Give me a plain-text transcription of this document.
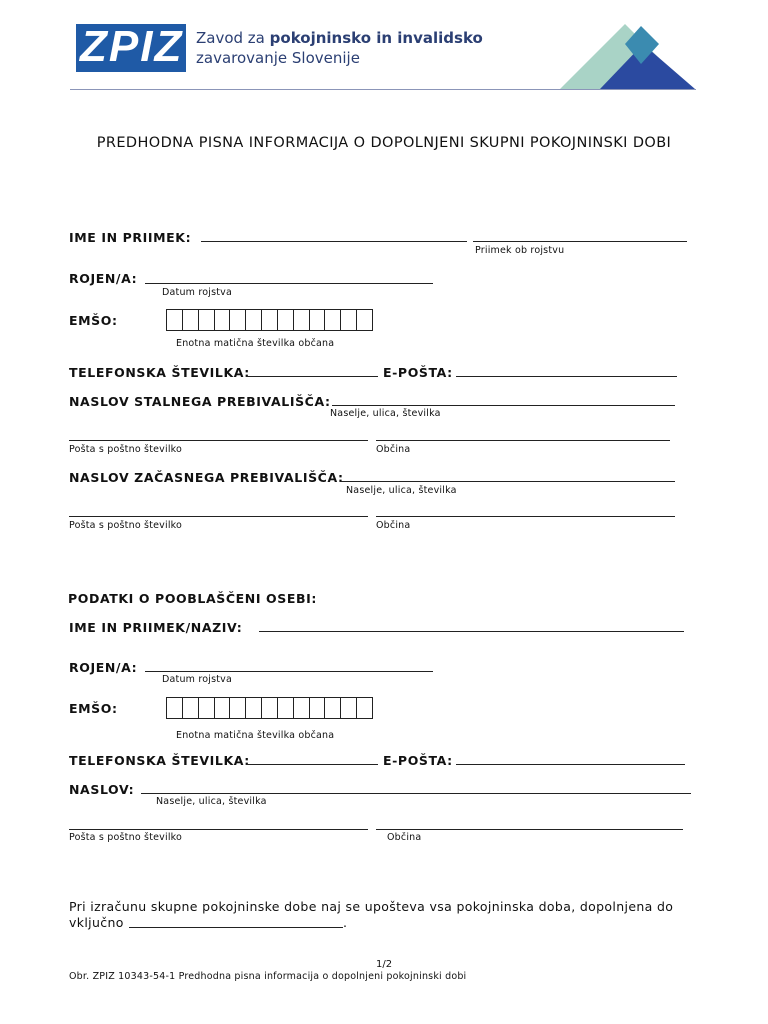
ZPIZ Zavod za pokojninsko in invalidsko
zavarovanje Slovenije
PREDHODNA PISNA INFORMACIJA O DOPOLNJENI SKUPNI POKOJNINSKI DOBI
IME IN PRIIMEK:
Priimek ob rojstvu
ROJEN/A:
Datum rojstva
EMŠO:
Enotna matična številka občana
TELEFONSKA ŠTEVILKA:	E-POŠTA:
NASLOV STALNEGA PREBIVALIŠČA:
Naselje, ulica, številka
Pošta s poštno številko	Občina
NASLOV ZAČASNEGA PREBIVALIŠČA:
Naselje, ulica, številka
Pošta s poštno številko	Občina
PODATKI O POOBLAŠČENI OSEBI:
IME IN PRIIMEK/NAZIV:
ROJEN/A:
Datum rojstva
EMŠO:
Enotna matična številka občana
TELEFONSKA ŠTEVILKA:	E-POŠTA:
NASLOV:
Naselje, ulica, številka
Pošta s poštno številko	Občina
Pri izračunu skupne pokojninske dobe naj se upošteva vsa pokojninska doba, dopolnjena do
vključno	.
1/2
Obr. ZPIZ 10343-54-1 Predhodna pisna informacija o dopolnjeni pokojninski dobi
